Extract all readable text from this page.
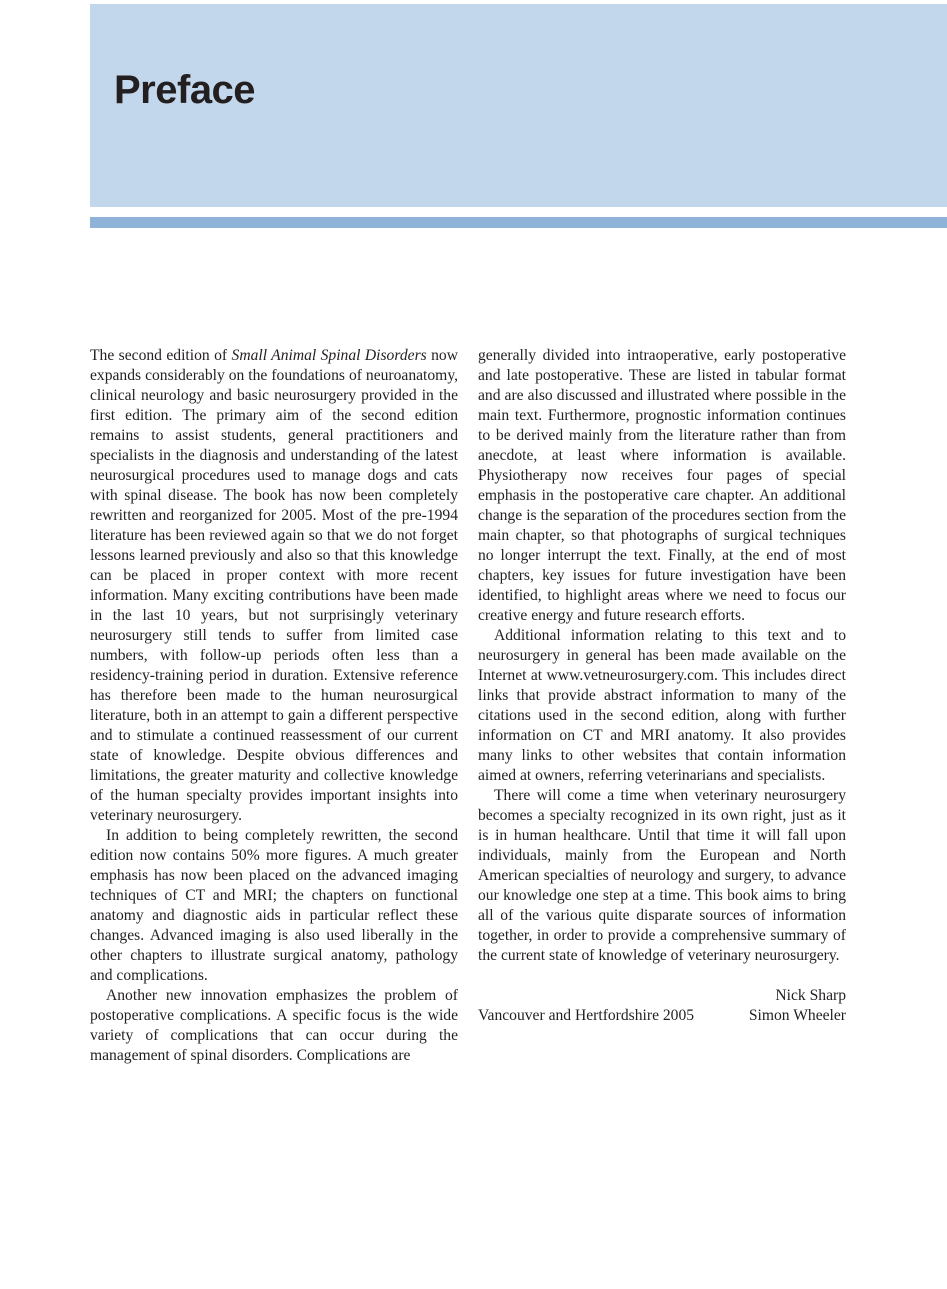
Preface

The second edition of Small Animal Spinal Disorders now expands considerably on the foundations of neuroanatomy, clinical neurology and basic neurosurgery provided in the first edition. The primary aim of the second edition remains to assist students, general practitioners and specialists in the diagnosis and understanding of the latest neurosurgical procedures used to manage dogs and cats with spinal disease. The book has now been completely rewritten and reorganized for 2005. Most of the pre-1994 literature has been reviewed again so that we do not forget lessons learned previously and also so that this knowledge can be placed in proper context with more recent information. Many exciting contributions have been made in the last 10 years, but not surprisingly veterinary neurosurgery still tends to suffer from limited case numbers, with follow-up periods often less than a residency-training period in duration. Extensive reference has therefore been made to the human neurosurgical literature, both in an attempt to gain a different perspective and to stimulate a continued reassessment of our current state of knowledge. Despite obvious differences and limitations, the greater maturity and collective knowledge of the human specialty provides important insights into veterinary neurosurgery.

In addition to being completely rewritten, the second edition now contains 50% more figures. A much greater emphasis has now been placed on the advanced imaging techniques of CT and MRI; the chapters on functional anatomy and diagnostic aids in particular reflect these changes. Advanced imaging is also used liberally in the other chapters to illustrate surgical anatomy, pathology and complications.

Another new innovation emphasizes the problem of postoperative complications. A specific focus is the wide variety of complications that can occur during the management of spinal disorders. Complications are

generally divided into intraoperative, early postoperative and late postoperative. These are listed in tabular format and are also discussed and illustrated where possible in the main text. Furthermore, prognostic information continues to be derived mainly from the literature rather than from anecdote, at least where information is available. Physiotherapy now receives four pages of special emphasis in the postoperative care chapter. An additional change is the separation of the procedures section from the main chapter, so that photographs of surgical techniques no longer interrupt the text. Finally, at the end of most chapters, key issues for future investigation have been identified, to highlight areas where we need to focus our creative energy and future research efforts.

Additional information relating to this text and to neurosurgery in general has been made available on the Internet at www.vetneurosurgery.com. This includes direct links that provide abstract information to many of the citations used in the second edition, along with further information on CT and MRI anatomy. It also provides many links to other websites that contain information aimed at owners, referring veterinarians and specialists.

There will come a time when veterinary neurosurgery becomes a specialty recognized in its own right, just as it is in human healthcare. Until that time it will fall upon individuals, mainly from the European and North American specialties of neurology and surgery, to advance our knowledge one step at a time. This book aims to bring all of the various quite disparate sources of information together, in order to provide a comprehensive summary of the current state of knowledge of veterinary neurosurgery.

Nick Sharp
Vancouver and Hertfordshire 2005	Simon Wheeler
